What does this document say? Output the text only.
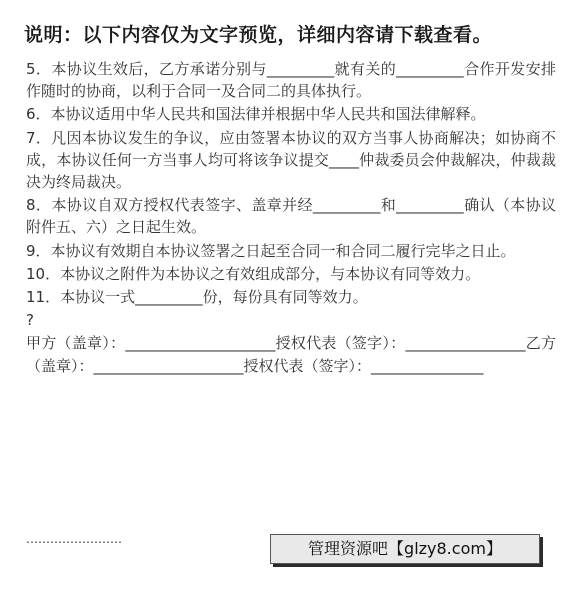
说明：以下内容仅为文字预览，详细内容请下载查看。

5．本协议生效后，乙方承诺分别与_________就有关的_________合作开发安排作随时的协商，以利于合同一及合同二的具体执行。

6．本协议适用中华人民共和国法律并根据中华人民共和国法律解释。

7．凡因本协议发生的争议，应由签署本协议的双方当事人协商解决；如协商不成，本协议任何一方当事人均可将该争议提交____仲裁委员会仲裁解决，仲裁裁决为终局裁决。

8．本协议自双方授权代表签字、盖章并经_________和_________确认（本协议附件五、六）之日起生效。

9．本协议有效期自本协议签署之日起至合同一和合同二履行完毕之日止。

10．本协议之附件为本协议之有效组成部分，与本协议有同等效力。

11．本协议一式_________份，每份具有同等效力。

?

甲方（盖章）：____________________授权代表（签字）：________________乙方（盖章）：____________________授权代表（签字）：_______________

……………………	管理资源吧【glzy8.com】
